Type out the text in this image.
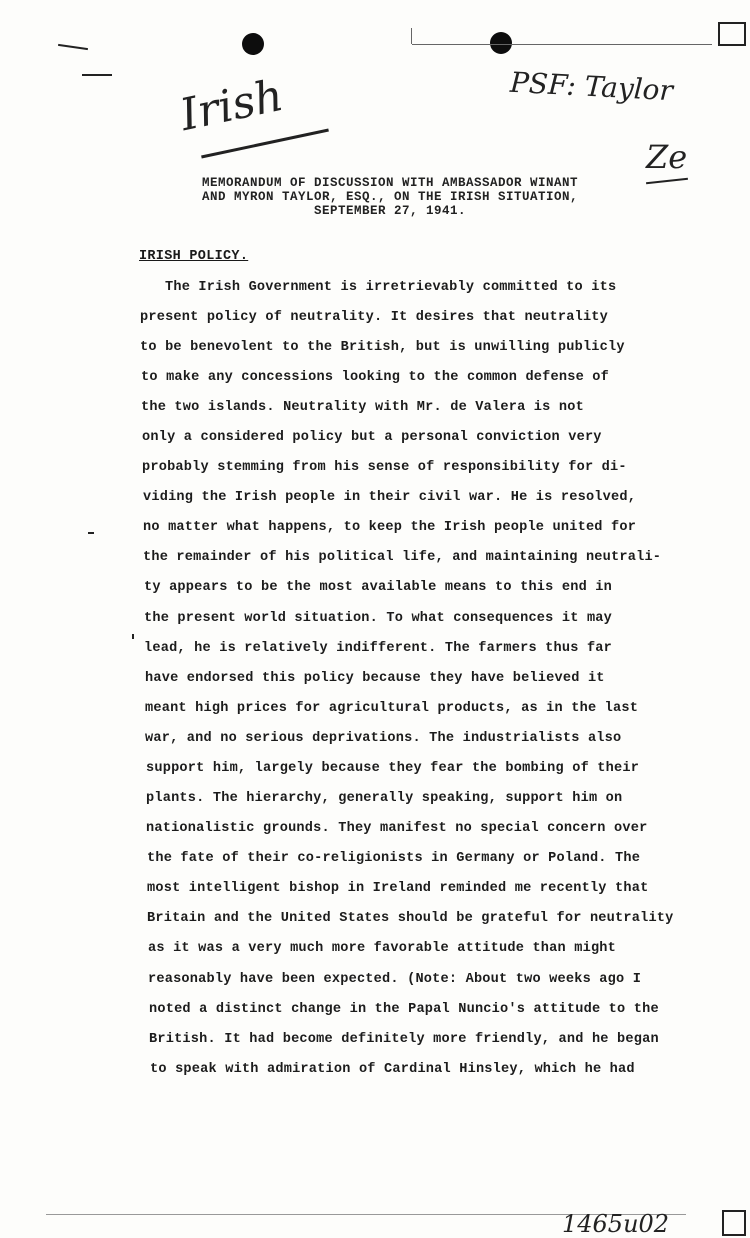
Irish	PSF: Taylor
Ze
MEMORANDUM OF DISCUSSION WITH AMBASSADOR WINANT
AND MYRON TAYLOR, ESQ., ON THE IRISH SITUATION,
SEPTEMBER 27, 1941.
IRISH POLICY.
The Irish Government is irretrievably committed to its
present policy of neutrality. It desires that neutrality
to be benevolent to the British, but is unwilling publicly
to make any concessions looking to the common defense of
the two islands. Neutrality with Mr. de Valera is not
only a considered policy but a personal conviction very
probably stemming from his sense of responsibility for di-
viding the Irish people in their civil war. He is resolved,
no matter what happens, to keep the Irish people united for
the remainder of his political life, and maintaining neutrali-
ty appears to be the most available means to this end in
the present world situation. To what consequences it may
lead, he is relatively indifferent. The farmers thus far
have endorsed this policy because they have believed it
meant high prices for agricultural products, as in the last
war, and no serious deprivations. The industrialists also
support him, largely because they fear the bombing of their
plants. The hierarchy, generally speaking, support him on
nationalistic grounds. They manifest no special concern over
the fate of their co-religionists in Germany or Poland. The
most intelligent bishop in Ireland reminded me recently that
Britain and the United States should be grateful for neutrality
as it was a very much more favorable attitude than might
reasonably have been expected. (Note: About two weeks ago I
noted a distinct change in the Papal Nuncio's attitude to the
British. It had become definitely more friendly, and he began
to speak with admiration of Cardinal Hinsley, which he had
1465u02
